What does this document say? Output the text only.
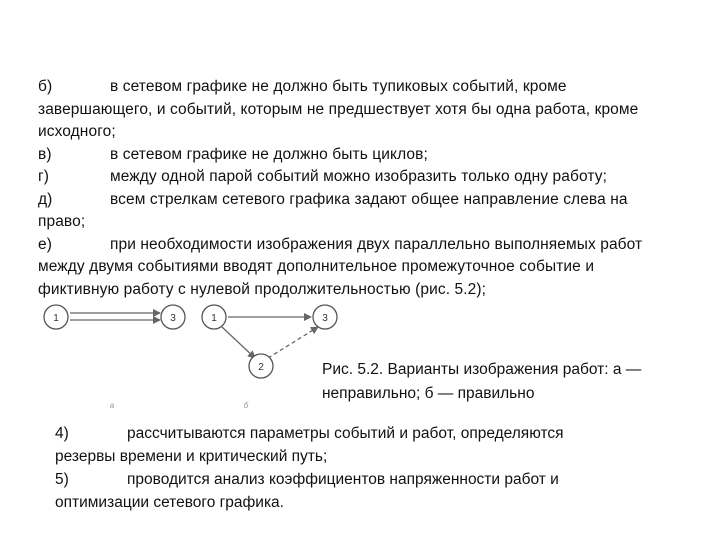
б)	в сетевом графике не должно быть тупиковых событий, кроме
завершающего, и событий, которым не предшествует хотя бы одна работа, кроме
исходного;
в)	в сетевом графике не должно быть циклов;
г)	между одной парой событий можно изобразить только одну работу;
д)	всем стрелкам сетевого графика задают общее направление слева на
право;
е)	при необходимости изображения двух параллельно выполняемых работ
между двумя событиями вводят дополнительное промежуточное событие и
фиктивную работу с нулевой продолжительностью (рис. 5.2);
1	3
а
1	3
2
б
Рис. 5.2. Варианты изображения работ: а —
неправильно; б — правильно
4)	рассчитываются параметры событий и работ, определяются
резервы времени и критический путь;
5)	проводится анализ коэффициентов напряженности работ и
оптимизации сетевого графика.
